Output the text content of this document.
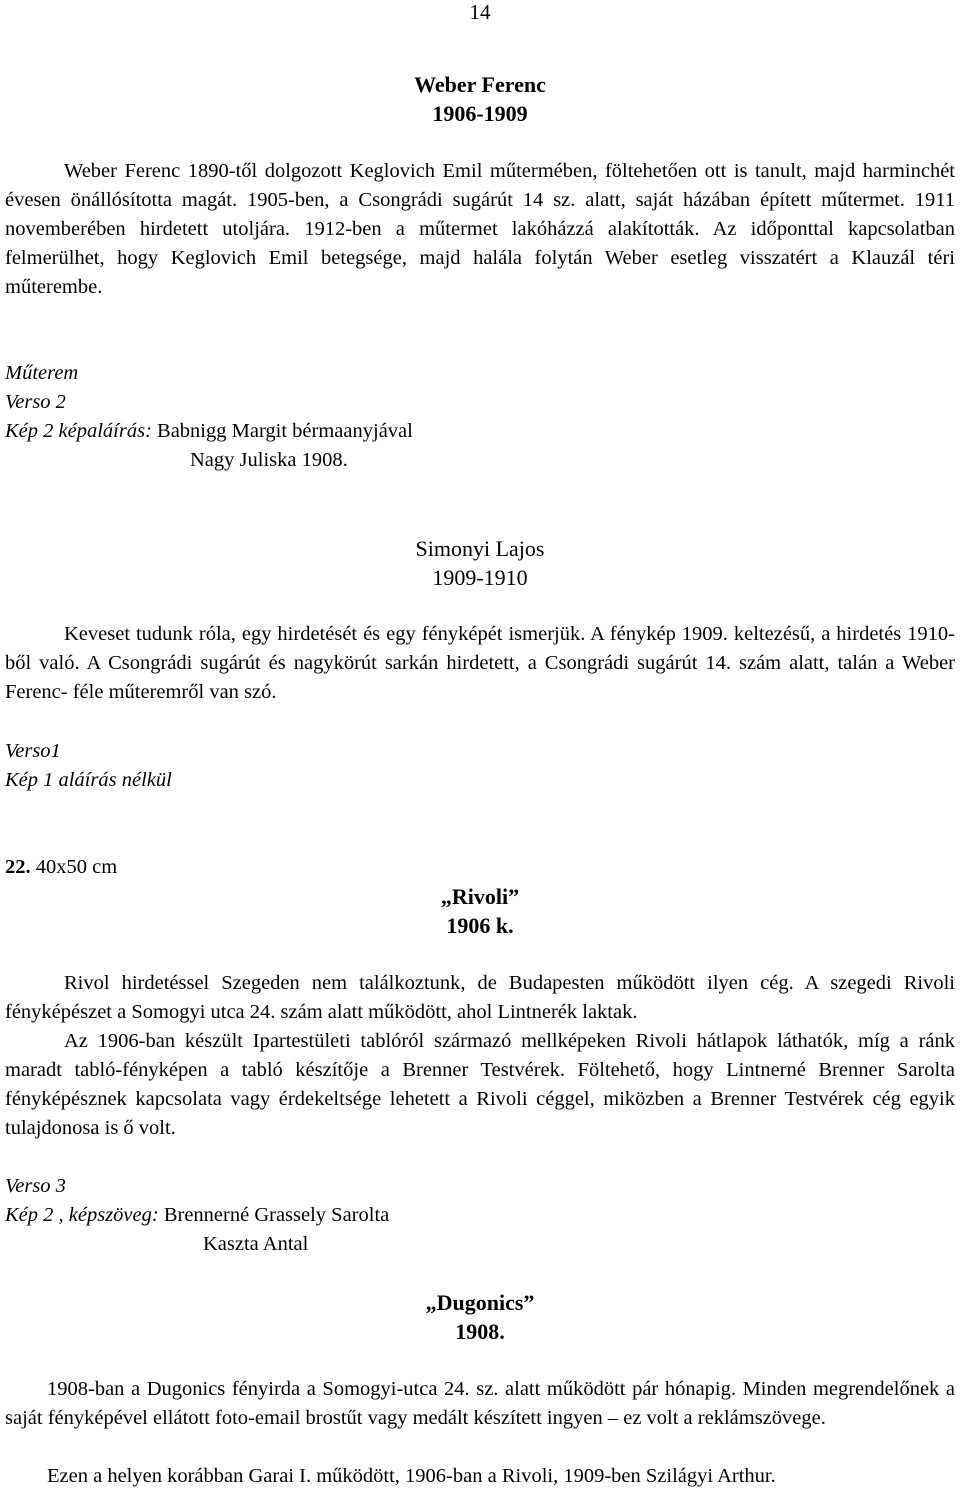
14

Weber Ferenc

1906-1909

Weber Ferenc 1890-től dolgozott Keglovich Emil műtermében, föltehetően ott is tanult, majd harminchét évesen önállósította magát. 1905-ben, a Csongrádi sugárút 14 sz. alatt, saját házában épített műtermet. 1911 novemberében hirdetett utoljára. 1912-ben a műtermet lakóházzá alakították. Az időponttal kapcsolatban felmerülhet, hogy Keglovich Emil betegsége, majd halála folytán Weber esetleg visszatért a Klauzál téri műterembe.
Műterem
Verso 2
Kép 2 képaláírás: Babnigg Margit bérmaanyjával
Nagy Juliska 1908.

Simonyi Lajos

1909-1910

Keveset tudunk róla, egy hirdetését és egy fényképét ismerjük. A fénykép 1909. keltezésű, a hirdetés 1910-ből való. A Csongrádi sugárút és nagykörút sarkán hirdetett, a Csongrádi sugárút 14. szám alatt, talán a Weber Ferenc- féle műteremről van szó.
Verso1
Kép 1 aláírás nélkül
22. 40x50 cm

„Rivoli”

1906 k.

Rivol hirdetéssel Szegeden nem találkoztunk, de Budapesten működött ilyen cég. A szegedi Rivoli fényképészet a Somogyi utca 24. szám alatt működött, ahol Lintnerék laktak.
Az 1906-ban készült Ipartestületi tablóról származó mellképeken Rivoli hátlapok láthatók, míg a ránk maradt tabló-fényképen a tabló készítője a Brenner Testvérek. Föltehető, hogy Lintnerné Brenner Sarolta fényképésznek kapcsolata vagy érdekeltsége lehetett a Rivoli céggel, miközben a Brenner Testvérek cég egyik tulajdonosa is ő volt.
Verso 3
Kép 2 , képszöveg: Brennerné Grassely Sarolta
Kaszta Antal

„Dugonics”

1908.

1908-ban a Dugonics fényirda a Somogyi-utca 24. sz. alatt működött pár hónapig. Minden megrendelőnek a saját fényképével ellátott foto-email brostűt vagy medált készített ingyen – ez volt a reklámszövege.
Ezen a helyen korábban Garai I. működött, 1906-ban a Rivoli, 1909-ben Szilágyi Arthur.
